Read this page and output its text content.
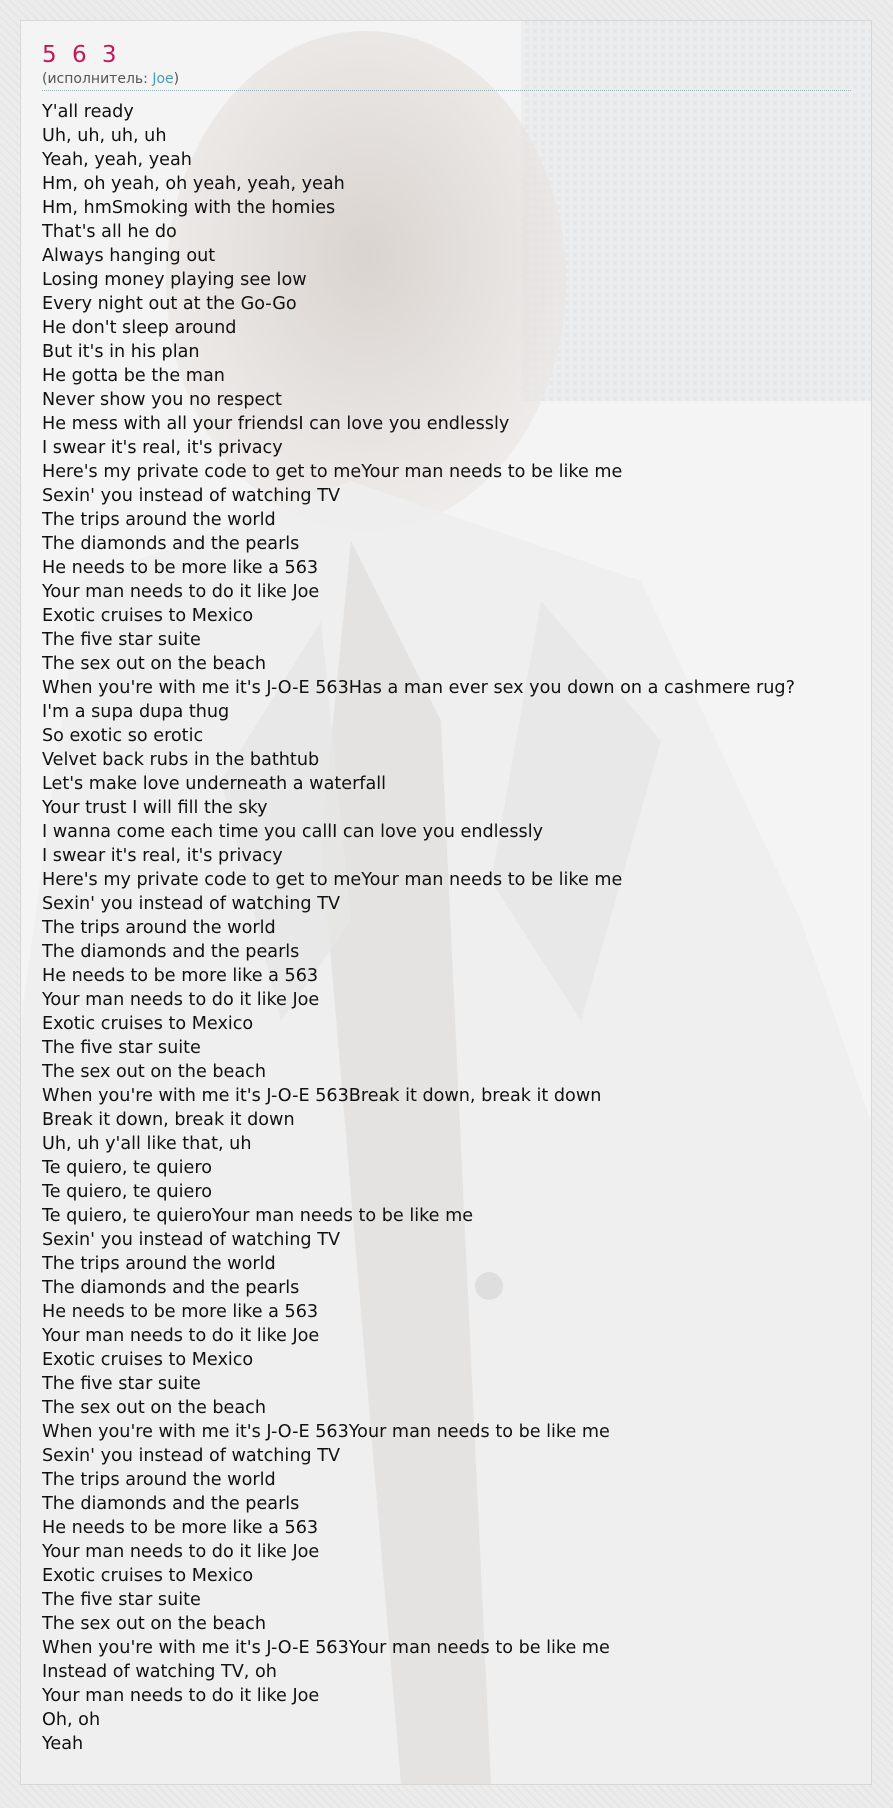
5 6 3
(исполнитель: Joe)
Y'all ready
Uh, uh, uh, uh
Yeah, yeah, yeah
Hm, oh yeah, oh yeah, yeah, yeah
Hm, hmSmoking with the homies
That's all he do
Always hanging out
Losing money playing see low
Every night out at the Go-Go
He don't sleep around
But it's in his plan
He gotta be the man
Never show you no respect
He mess with all your friendsI can love you endlessly
I swear it's real, it's privacy
Here's my private code to get to meYour man needs to be like me
Sexin' you instead of watching TV
The trips around the world
The diamonds and the pearls
He needs to be more like a 563
Your man needs to do it like Joe
Exotic cruises to Mexico
The five star suite
The sex out on the beach
When you're with me it's J-O-E 563Has a man ever sex you down on a cashmere rug?
I'm a supa dupa thug
So exotic so erotic
Velvet back rubs in the bathtub
Let's make love underneath a waterfall
Your trust I will fill the sky
I wanna come each time you callI can love you endlessly
I swear it's real, it's privacy
Here's my private code to get to meYour man needs to be like me
Sexin' you instead of watching TV
The trips around the world
The diamonds and the pearls
He needs to be more like a 563
Your man needs to do it like Joe
Exotic cruises to Mexico
The five star suite
The sex out on the beach
When you're with me it's J-O-E 563Break it down, break it down
Break it down, break it down
Uh, uh y'all like that, uh
Te quiero, te quiero
Te quiero, te quiero
Te quiero, te quieroYour man needs to be like me
Sexin' you instead of watching TV
The trips around the world
The diamonds and the pearls
He needs to be more like a 563
Your man needs to do it like Joe
Exotic cruises to Mexico
The five star suite
The sex out on the beach
When you're with me it's J-O-E 563Your man needs to be like me
Sexin' you instead of watching TV
The trips around the world
The diamonds and the pearls
He needs to be more like a 563
Your man needs to do it like Joe
Exotic cruises to Mexico
The five star suite
The sex out on the beach
When you're with me it's J-O-E 563Your man needs to be like me
Instead of watching TV, oh
Your man needs to do it like Joe
Oh, oh
Yeah
